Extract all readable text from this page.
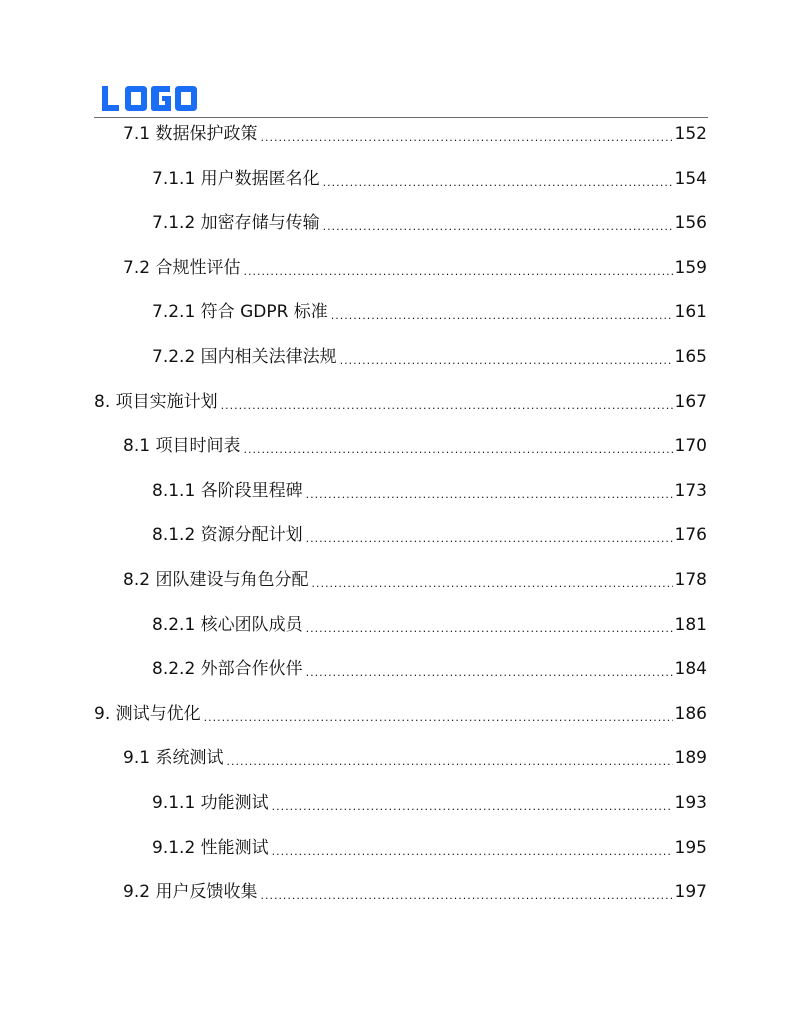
7.1 数据保护政策 .....	152
7.1.1 用户数据匿名化 .....	154
7.1.2 加密存储与传输 .....	156
7.2 合规性评估 .....	159
7.2.1 符合 GDPR 标准 .....	161
7.2.2 国内相关法律法规 .....	165
8. 项目实施计划 .....	167
8.1 项目时间表 .....	170
8.1.1 各阶段里程碑 .....	173
8.1.2 资源分配计划 .....	176
8.2 团队建设与角色分配 .....	178
8.2.1 核心团队成员 .....	181
8.2.2 外部合作伙伴 .....	184
9. 测试与优化 .....	186
9.1 系统测试 .....	189
9.1.1 功能测试 .....	193
9.1.2 性能测试 .....	195
9.2 用户反馈收集 .....	197
